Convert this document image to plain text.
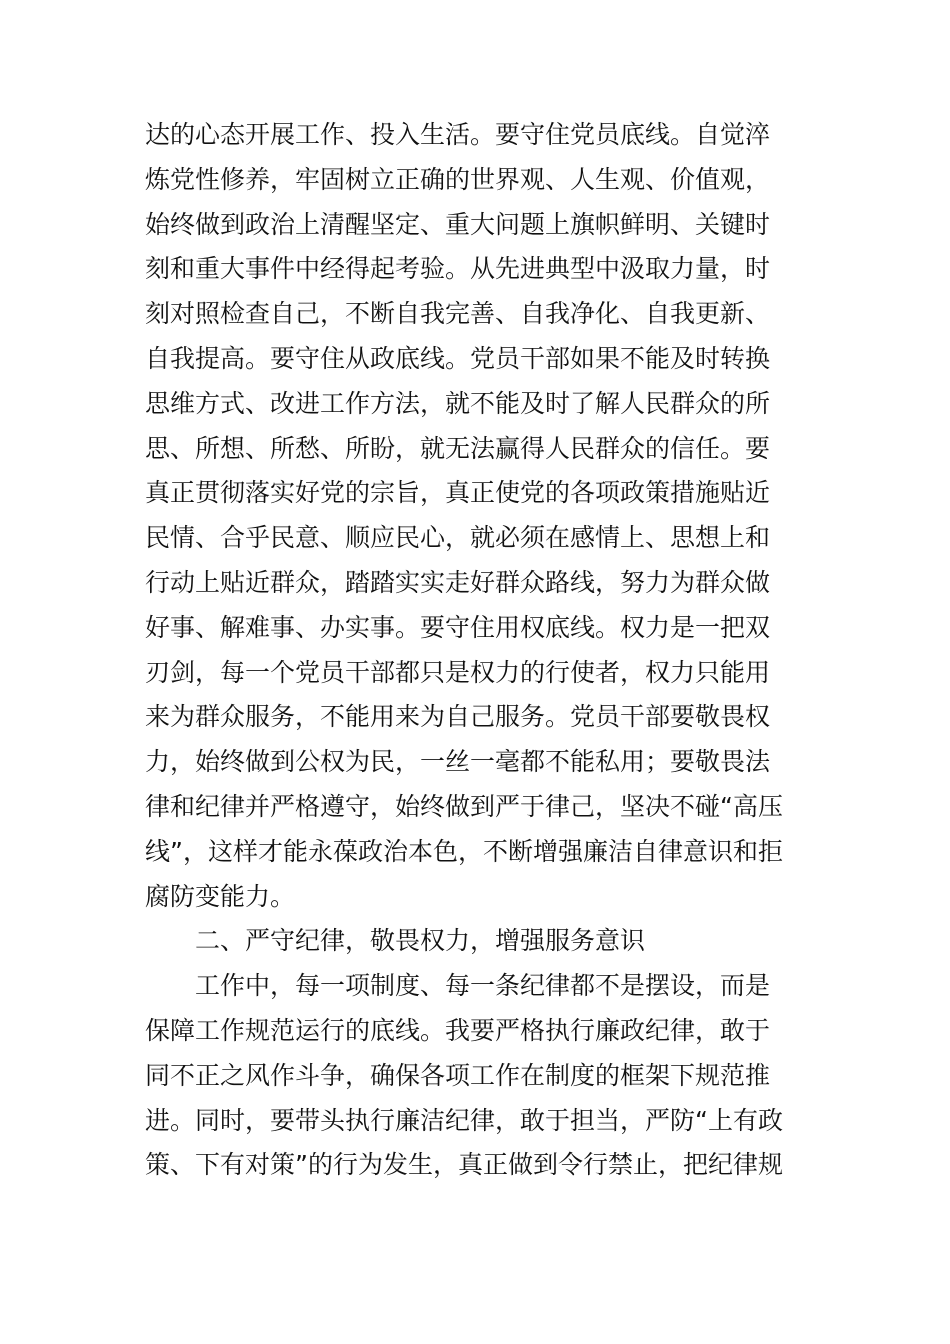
达的心态开展工作、投入生活。要守住党员底线。自觉淬
炼党性修养，牢固树立正确的世界观、人生观、价值观，
始终做到政治上清醒坚定、重大问题上旗帜鲜明、关键时
刻和重大事件中经得起考验。从先进典型中汲取力量，时
刻对照检查自己，不断自我完善、自我净化、自我更新、
自我提高。要守住从政底线。党员干部如果不能及时转换
思维方式、改进工作方法，就不能及时了解人民群众的所
思、所想、所愁、所盼，就无法赢得人民群众的信任。要
真正贯彻落实好党的宗旨，真正使党的各项政策措施贴近
民情、合乎民意、顺应民心，就必须在感情上、思想上和
行动上贴近群众，踏踏实实走好群众路线，努力为群众做
好事、解难事、办实事。要守住用权底线。权力是一把双
刃剑，每一个党员干部都只是权力的行使者，权力只能用
来为群众服务，不能用来为自己服务。党员干部要敬畏权
力，始终做到公权为民，一丝一毫都不能私用；要敬畏法
律和纪律并严格遵守，始终做到严于律己，坚决不碰“高压
线”，这样才能永葆政治本色，不断增强廉洁自律意识和拒
腐防变能力。
二、严守纪律，敬畏权力，增强服务意识
工作中，每一项制度、每一条纪律都不是摆设，而是
保障工作规范运行的底线。我要严格执行廉政纪律，敢于
同不正之风作斗争，确保各项工作在制度的框架下规范推
进。同时，要带头执行廉洁纪律，敢于担当，严防“上有政
策、下有对策”的行为发生，真正做到令行禁止，把纪律规
